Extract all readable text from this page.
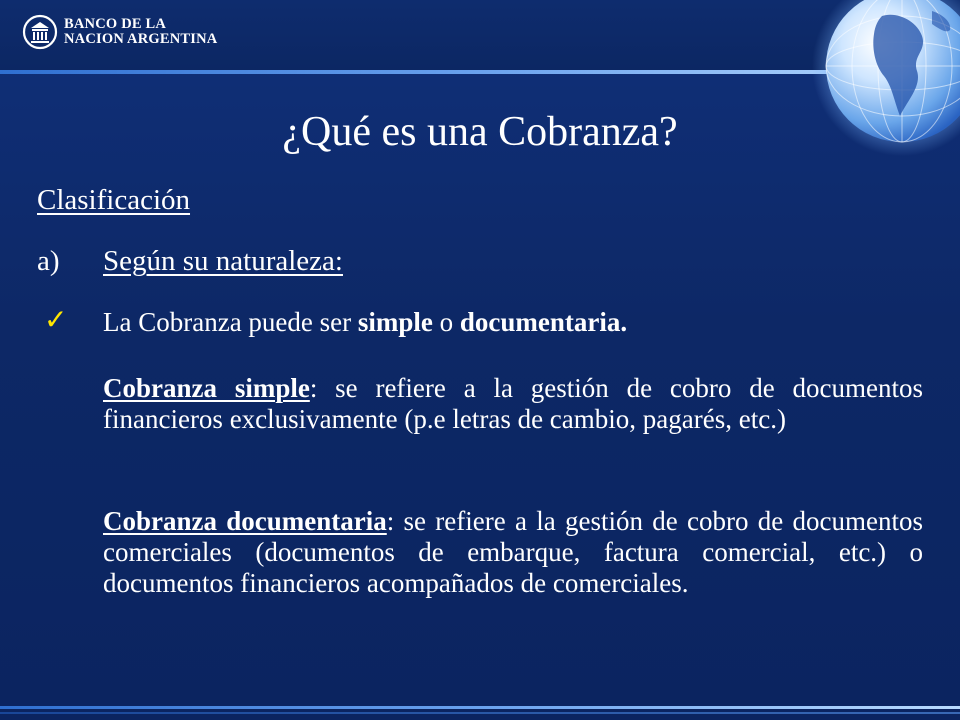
BANCO DE LA
NACION ARGENTINA
¿Qué es una Cobranza?
Clasificación
a) Según su naturaleza:
✓ La Cobranza puede ser simple o documentaria.

Cobranza simple: se refiere a la gestión de cobro de documentos financieros exclusivamente (p.e letras de cambio, pagarés, etc.)

Cobranza documentaria: se refiere a la gestión de cobro de documentos comerciales (documentos de embarque, factura comercial, etc.) o documentos financieros acompañados de comerciales.
